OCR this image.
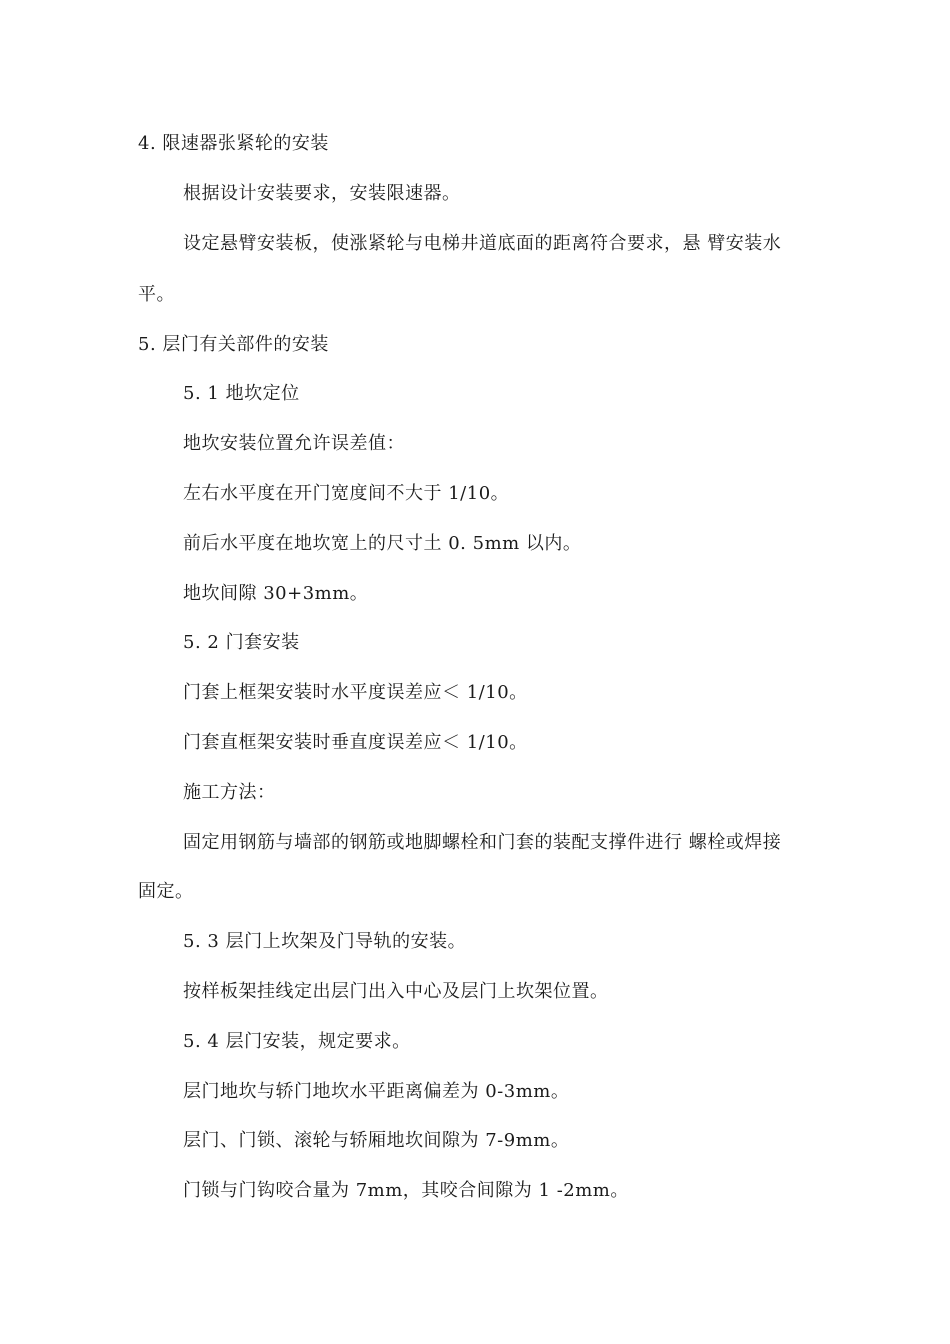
4. 限速器张紧轮的安装
根据设计安装要求，安装限速器。
设定悬臂安装板，使涨紧轮与电梯井道底面的距离符合要求，悬 臂安装水
平。
5. 层门有关部件的安装
5. 1 地坎定位
地坎安装位置允许误差值：
左右水平度在开门宽度间不大于 1/10。
前后水平度在地坎宽上的尺寸土 0. 5mm 以内。
地坎间隙 30+3mm。
5. 2 门套安装
门套上框架安装时水平度误差应＜ 1/10。
门套直框架安装时垂直度误差应＜ 1/10。
施工方法：
固定用钢筋与墙部的钢筋或地脚螺栓和门套的装配支撑件进行 螺栓或焊接
固定。
5. 3 层门上坎架及门导轨的安装。
按样板架挂线定出层门出入中心及层门上坎架位置。
5. 4 层门安装，规定要求。
层门地坎与轿门地坎水平距离偏差为 0-3mm。
层门、门锁、滚轮与轿厢地坎间隙为 7-9mm。
门锁与门钩咬合量为 7mm，其咬合间隙为 1 -2mm。
